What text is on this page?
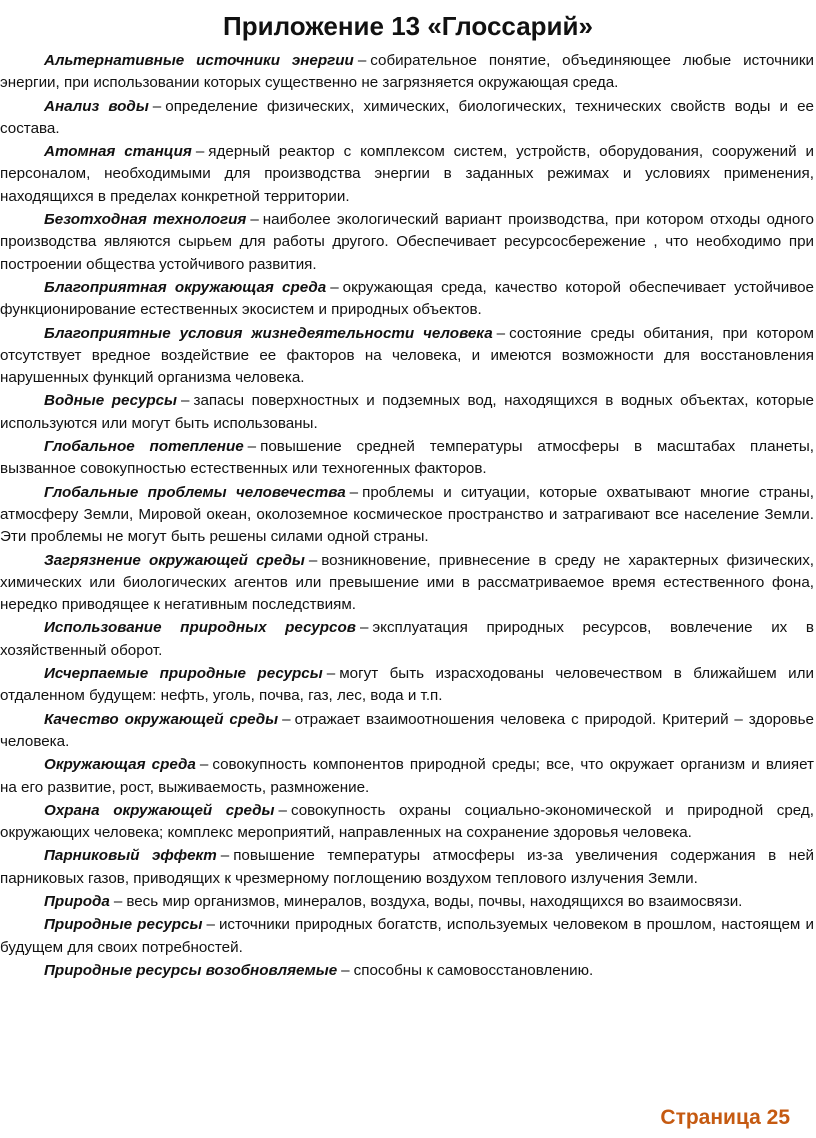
Приложение 13 «Глоссарий»

Альтернативные источники энергии – собирательное понятие, объединяющее любые источники энергии, при использовании которых существенно не загрязняется окружающая среда.

Анализ воды – определение физических, химических, биологических, технических свойств воды и ее состава.

Атомная станция – ядерный реактор с комплексом систем, устройств, оборудования, сооружений и персоналом, необходимыми для производства энергии в заданных режимах и условиях применения, находящихся в пределах конкретной территории.

Безотходная технология – наиболее экологический вариант производства, при котором отходы одного производства являются сырьем для работы другого. Обеспечивает ресурсосбережение , что необходимо при построении общества устойчивого развития.

Благоприятная окружающая среда – окружающая среда, качество которой обеспечивает устойчивое функционирование естественных экосистем и природных объектов.

Благоприятные условия жизнедеятельности человека – состояние среды обитания, при котором отсутствует вредное воздействие ее факторов на человека, и имеются возможности для восстановления нарушенных функций организма человека.

Водные ресурсы – запасы поверхностных и подземных вод, находящихся в водных объектах, которые используются или могут быть использованы.

Глобальное потепление – повышение средней температуры атмосферы в масштабах планеты, вызванное совокупностью естественных или техногенных факторов.

Глобальные проблемы человечества – проблемы и ситуации, которые охватывают многие страны, атмосферу Земли, Мировой океан, околоземное космическое пространство и затрагивают все население Земли. Эти проблемы не могут быть решены силами одной страны.

Загрязнение окружающей среды – возникновение, привнесение в среду не характерных физических, химических или биологических агентов или превышение ими в рассматриваемое время естественного фона, нередко приводящее к негативным последствиям.

Использование природных ресурсов – эксплуатация природных ресурсов, вовлечение их в хозяйственный оборот.

Исчерпаемые природные ресурсы – могут быть израсходованы человечеством в ближайшем или отдаленном будущем: нефть, уголь, почва, газ, лес, вода и т.п.

Качество окружающей среды – отражает взаимоотношения человека с природой. Критерий – здоровье человека.

Окружающая среда – совокупность компонентов природной среды; все, что окружает организм и влияет на его развитие, рост, выживаемость, размножение.

Охрана окружающей среды – совокупность охраны социально-экономической и природной сред, окружающих человека; комплекс мероприятий, направленных на сохранение здоровья человека.

Парниковый эффект – повышение температуры атмосферы из-за увеличения содержания в ней парниковых газов, приводящих к чрезмерному поглощению воздухом теплового излучения Земли.

Природа – весь мир организмов, минералов, воздуха, воды, почвы, находящихся во взаимосвязи.

Природные ресурсы – источники природных богатств, используемых человеком в прошлом, настоящем и будущем для своих потребностей.

Природные ресурсы возобновляемые – способны к самовосстановлению.

Страница 25
